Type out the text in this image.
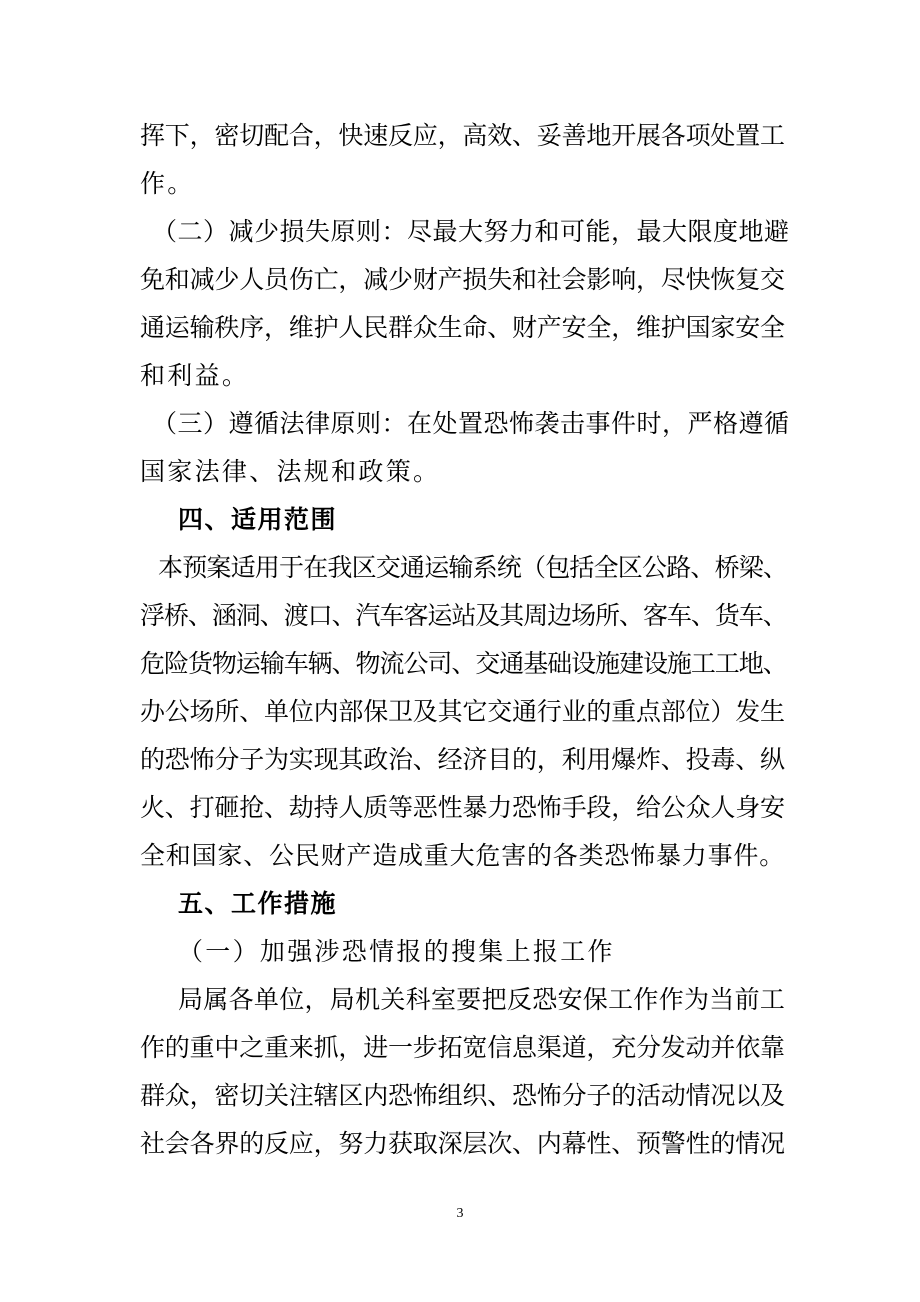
挥下，密切配合，快速反应，高效、妥善地开展各项处置工
作。
（二）减少损失原则：尽最大努力和可能，最大限度地避
免和减少人员伤亡，减少财产损失和社会影响，尽快恢复交
通运输秩序，维护人民群众生命、财产安全，维护国家安全
和利益。
（三）遵循法律原则：在处置恐怖袭击事件时，严格遵循
国家法律、法规和政策。
四、适用范围
本预案适用于在我区交通运输系统（包括全区公路、桥梁、
浮桥、涵洞、渡口、汽车客运站及其周边场所、客车、货车、
危险货物运输车辆、物流公司、交通基础设施建设施工工地、
办公场所、单位内部保卫及其它交通行业的重点部位）发生
的恐怖分子为实现其政治、经济目的，利用爆炸、投毒、纵
火、打砸抢、劫持人质等恶性暴力恐怖手段，给公众人身安
全和国家、公民财产造成重大危害的各类恐怖暴力事件。
五、工作措施
（一）加强涉恐情报的搜集上报工作
局属各单位，局机关科室要把反恐安保工作作为当前工
作的重中之重来抓，进一步拓宽信息渠道，充分发动并依靠
群众，密切关注辖区内恐怖组织、恐怖分子的活动情况以及
社会各界的反应，努力获取深层次、内幕性、预警性的情况
3
